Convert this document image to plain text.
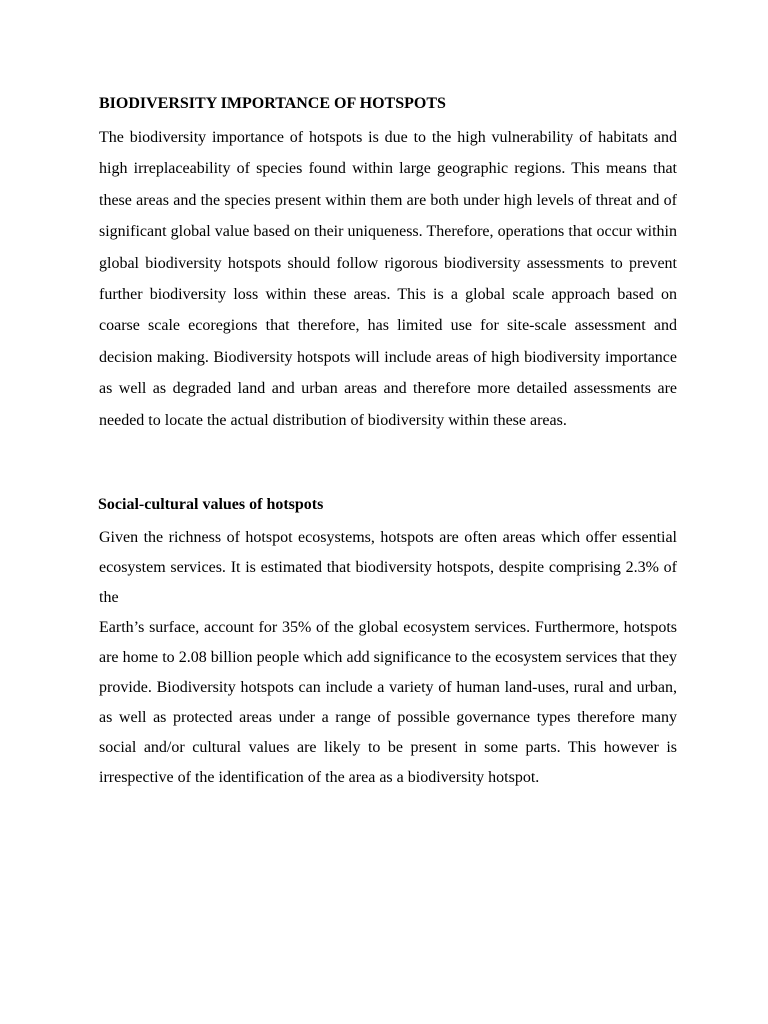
BIODIVERSITY IMPORTANCE OF HOTSPOTS

The biodiversity importance of hotspots is due to the high vulnerability of habitats and high irreplaceability of species found within large geographic regions. This means that these areas and the species present within them are both under high levels of threat and of significant global value based on their uniqueness. Therefore, operations that occur within global biodiversity hotspots should follow rigorous biodiversity assessments to prevent further biodiversity loss within these areas. This is a global scale approach based on coarse scale ecoregions that therefore, has limited use for site-scale assessment and decision making. Biodiversity hotspots will include areas of high biodiversity importance as well as degraded land and urban areas and therefore more detailed assessments are needed to locate the actual distribution of biodiversity within these areas.

Social-cultural values of hotspots

Given the richness of hotspot ecosystems, hotspots are often areas which offer essential ecosystem services. It is estimated that biodiversity hotspots, despite comprising 2.3% of the

Earth’s surface, account for 35% of the global ecosystem services. Furthermore, hotspots are home to 2.08 billion people which add significance to the ecosystem services that they provide. Biodiversity hotspots can include a variety of human land-uses, rural and urban, as well as protected areas under a range of possible governance types therefore many social and/or cultural values are likely to be present in some parts. This however is irrespective of the identification of the area as a biodiversity hotspot.
